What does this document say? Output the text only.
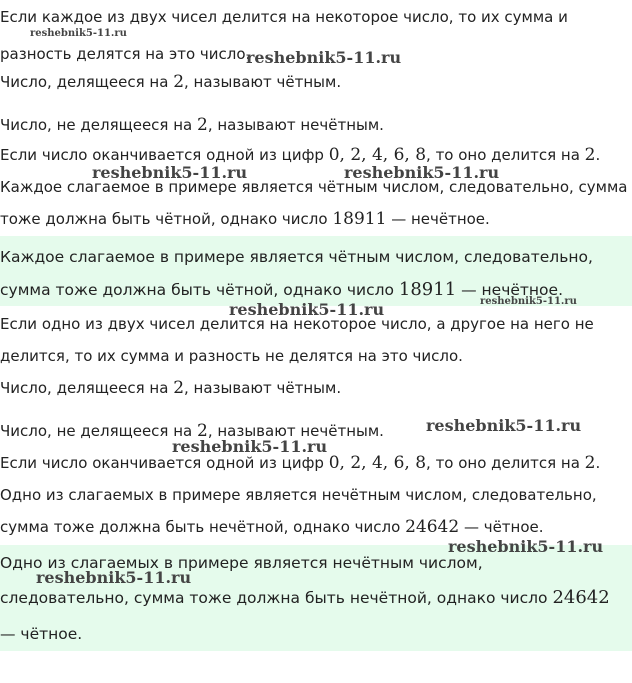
Если каждое из двух чисел делится на некоторое число, то их сумма и
разность делятся на это число.
Число, делящееся на 2, называют чётным.
Число, не делящееся на 2, называют нечётным.
Если число оканчивается одной из цифр 0, 2, 4, 6, 8, то оно делится на 2.
Каждое слагаемое в примере является чётным числом, следовательно, сумма
тоже должна быть чётной, однако число 18911 — нечётное.
Каждое слагаемое в примере является чётным числом, следовательно,
сумма тоже должна быть чётной, однако число 18911 — нечётное.
Если одно из двух чисел делится на некоторое число, а другое на него не
делится, то их сумма и разность не делятся на это число.
Число, делящееся на 2, называют чётным.
Число, не делящееся на 2, называют нечётным.
Если число оканчивается одной из цифр 0, 2, 4, 6, 8, то оно делится на 2.
Одно из слагаемых в примере является нечётным числом, следовательно,
сумма тоже должна быть нечётной, однако число 24642 — чётное.
Одно из слагаемых в примере является нечётным числом,
следовательно, сумма тоже должна быть нечётной, однако число 24642
— чётное.
reshebnik5-11.ru
reshebnik5-11.ru
reshebnik5-11.ru	reshebnik5-11.ru
reshebnik5-11.ru	reshebnik5-11.ru
reshebnik5-11.ru
reshebnik5-11.ru
reshebnik5-11.ru
reshebnik5-11.ru
